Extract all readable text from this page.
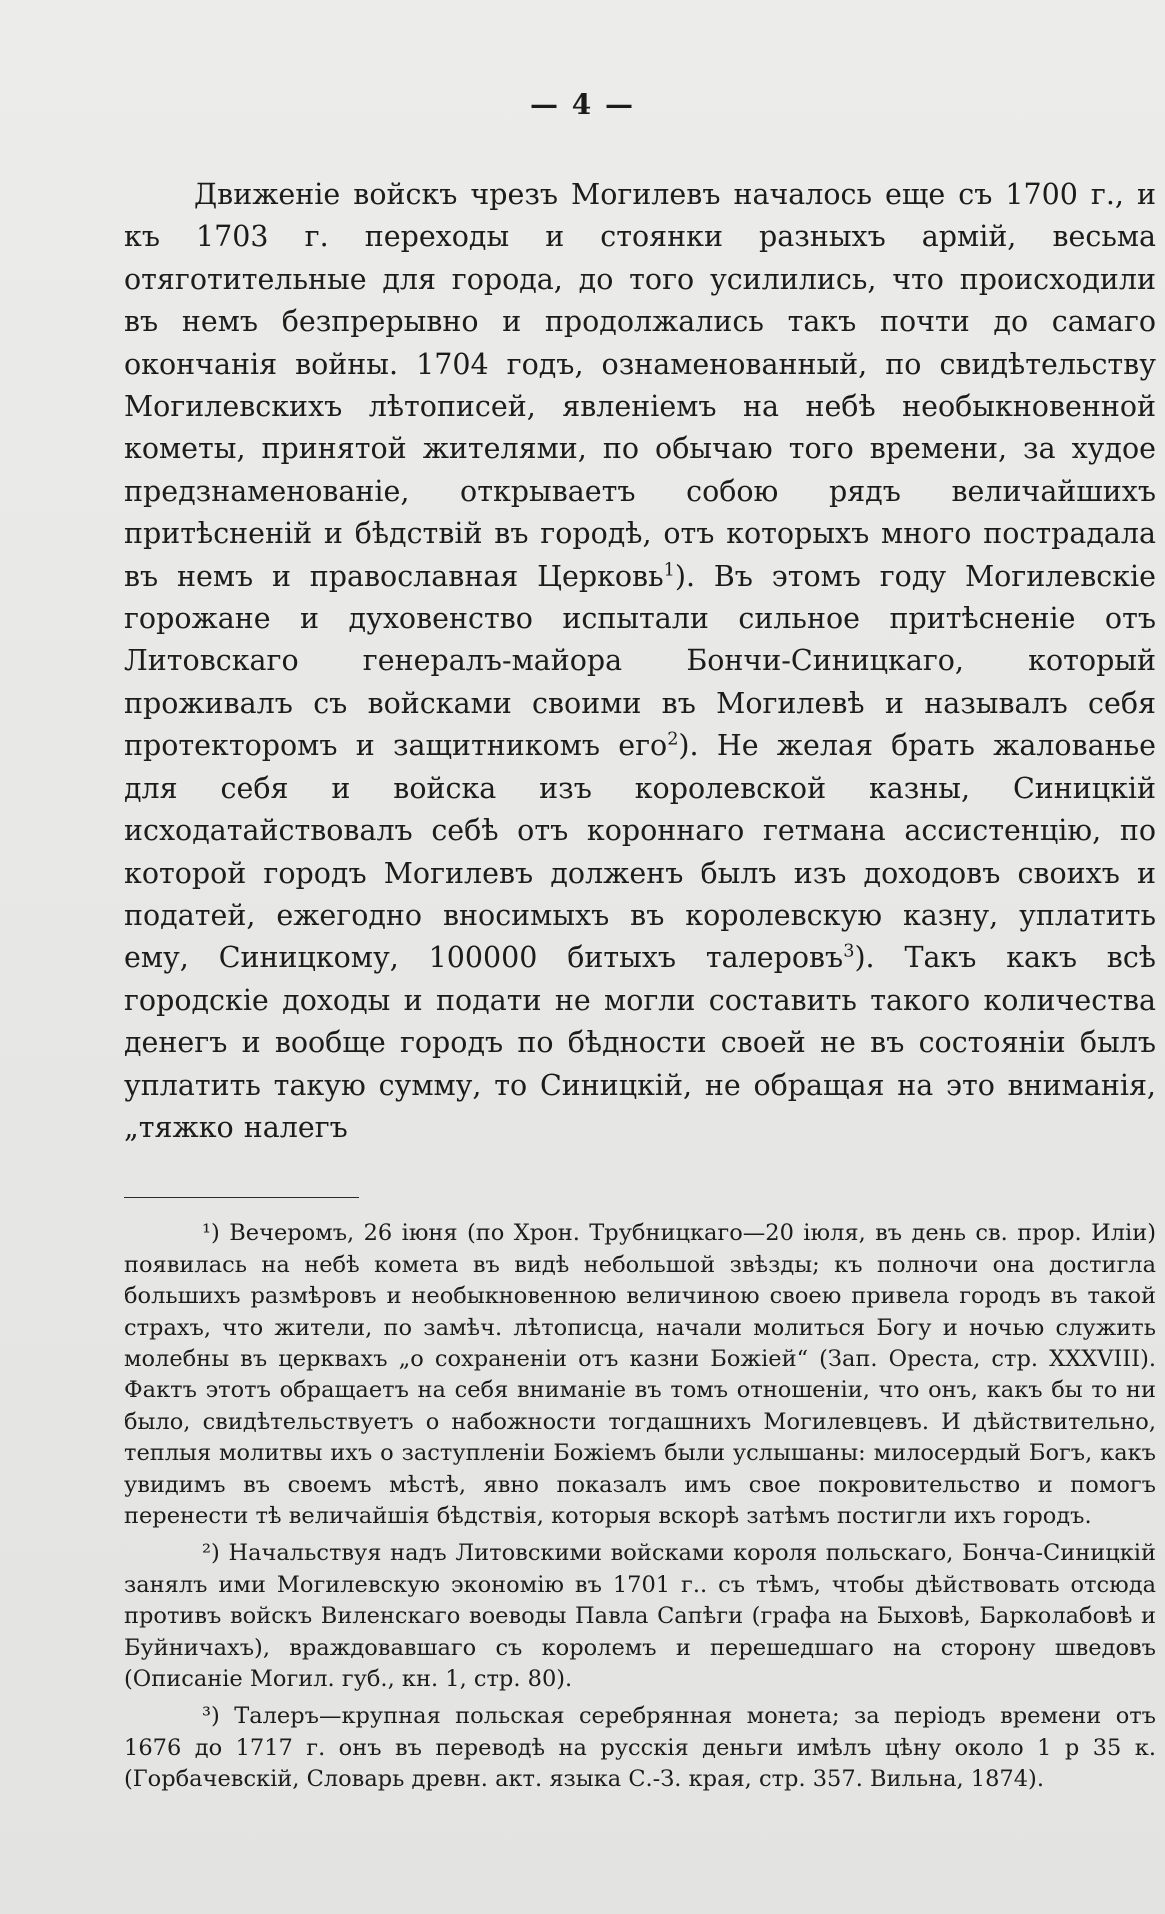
— 4 —

Движеніе войскъ чрезъ Могилевъ началось еще съ 1700 г., и къ 1703 г. переходы и стоянки разныхъ армій, весьма отяготительные для города, до того усилились, что происходили въ немъ безпрерывно и продолжались такъ почти до самаго окончанія войны. 1704 годъ, ознаменованный, по свидѣтельству Могилевскихъ лѣтописей, явленіемъ на небѣ необыкновенной кометы, принятой жителями, по обычаю того времени, за худое предзнаменованіе, открываетъ собою рядъ величайшихъ притѣсненій и бѣдствій въ городѣ, отъ которыхъ много пострадала въ немъ и православная Церковь$^1$). Въ этомъ году Могилевскіе горожане и духовенство испытали сильное притѣсненіе отъ Литовскаго генералъ-майора Бончи-Синицкаго, который проживалъ съ войсками своими въ Могилевѣ и называлъ себя протекторомъ и защитникомъ его$^2$). Не желая брать жалованье для себя и войска изъ королевской казны, Синицкій исходатайствовалъ себѣ отъ короннаго гетмана ассистенцію, по которой городъ Могилевъ долженъ былъ изъ доходовъ своихъ и податей, ежегодно вносимыхъ въ королевскую казну, уплатить ему, Синицкому, 100000 битыхъ талеровъ$^3$). Такъ какъ всѣ городскіе доходы и подати не могли составить такого количества денегъ и вообще городъ по бѣдности своей не въ состояніи былъ уплатить такую сумму, то Синицкій, не обращая на это вниманія, „тяжко налегъ

¹) Вечеромъ, 26 іюня (по Хрон. Трубницкаго—20 іюля, въ день св. прор. Иліи) появилась на небѣ комета въ видѣ небольшой звѣзды; къ полночи она достигла большихъ размѣровъ и необыкновенною величиною своею привела городъ въ такой страхъ, что жители, по замѣч. лѣтописца, начали молиться Богу и ночью служить молебны въ церквахъ „о сохраненіи отъ казни Божіей“ (Зап. Ореста, стр. XXXVIII). Фактъ этотъ обращаетъ на себя вниманіе въ томъ отношеніи, что онъ, какъ бы то ни было, свидѣтельствуетъ о набожности тогдашнихъ Могилевцевъ. И дѣйствительно, теплыя молитвы ихъ о заступленіи Божіемъ были услышаны: милосердый Богъ, какъ увидимъ въ своемъ мѣстѣ, явно показалъ имъ свое покровительство и помогъ перенести тѣ величайшія бѣдствія, которыя вскорѣ затѣмъ постигли ихъ городъ.

²) Начальствуя надъ Литовскими войсками короля польскаго, Бонча-Синицкій занялъ ими Могилевскую экономію въ 1701 г.. съ тѣмъ, чтобы дѣйствовать отсюда противъ войскъ Виленскаго воеводы Павла Сапѣги (графа на Быховѣ, Барколабовѣ и Буйничахъ), враждовавшаго съ королемъ и перешедшаго на сторону шведовъ (Описаніе Могил. губ., кн. 1, стр. 80).

³) Талеръ—крупная польская серебрянная монета; за періодъ времени отъ 1676 до 1717 г. онъ въ переводѣ на русскія деньги имѣлъ цѣну около 1 р 35 к. (Горбачевскій, Словарь древн. акт. языка С.-З. края, стр. 357. Вильна, 1874).
